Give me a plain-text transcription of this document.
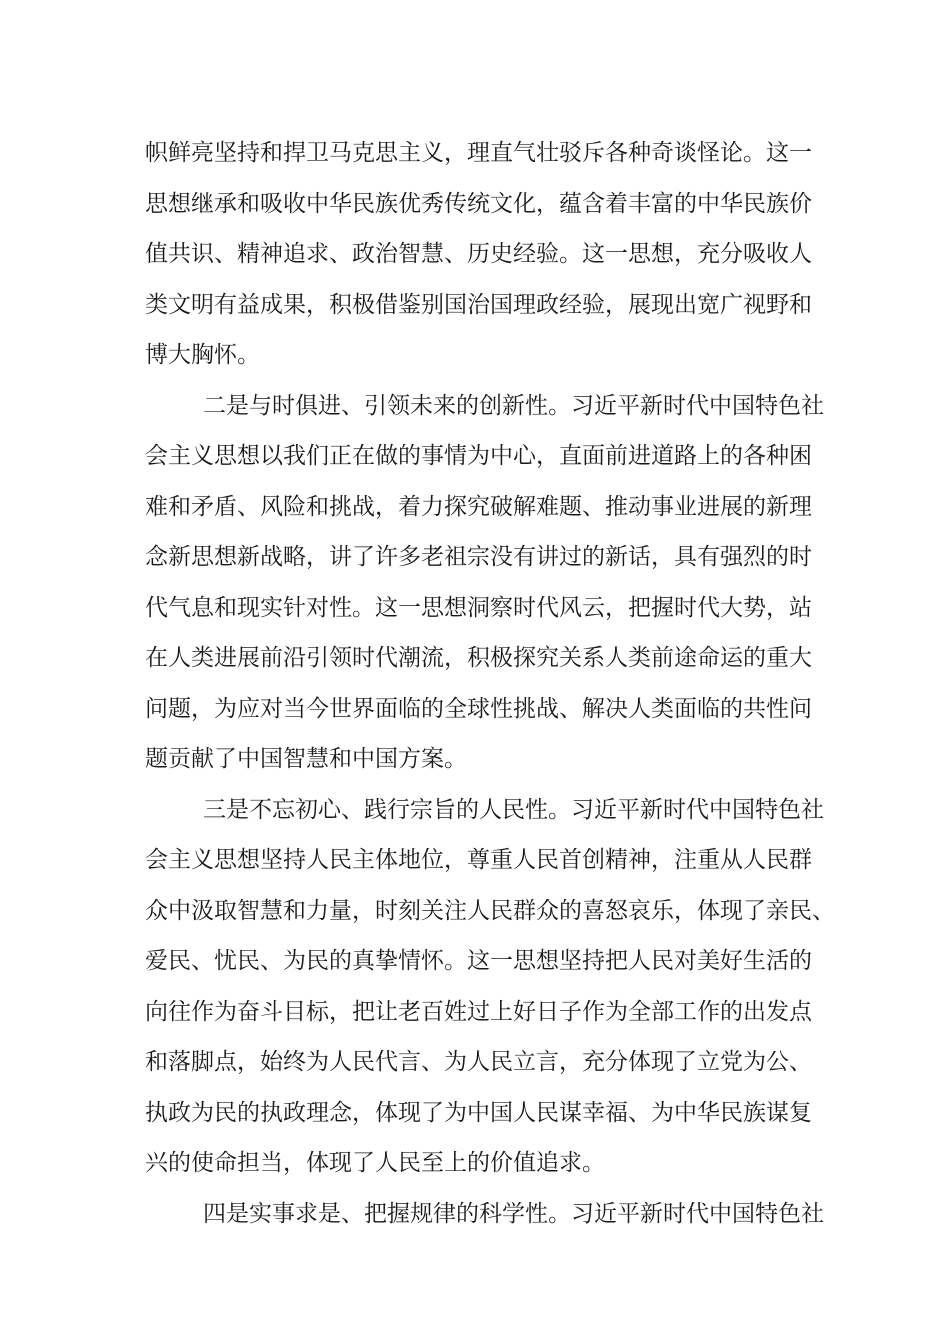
帜鲜亮坚持和捍卫马克思主义，理直气壮驳斥各种奇谈怪论。这一
思想继承和吸收中华民族优秀传统文化，蕴含着丰富的中华民族价
值共识、精神追求、政治智慧、历史经验。这一思想，充分吸收人
类文明有益成果，积极借鉴别国治国理政经验，展现出宽广视野和
博大胸怀。
二是与时俱进、引领未来的创新性。习近平新时代中国特色社
会主义思想以我们正在做的事情为中心，直面前进道路上的各种困
难和矛盾、风险和挑战，着力探究破解难题、推动事业进展的新理
念新思想新战略，讲了许多老祖宗没有讲过的新话，具有强烈的时
代气息和现实针对性。这一思想洞察时代风云，把握时代大势，站
在人类进展前沿引领时代潮流，积极探究关系人类前途命运的重大
问题，为应对当今世界面临的全球性挑战、解决人类面临的共性问
题贡献了中国智慧和中国方案。
三是不忘初心、践行宗旨的人民性。习近平新时代中国特色社
会主义思想坚持人民主体地位，尊重人民首创精神，注重从人民群
众中汲取智慧和力量，时刻关注人民群众的喜怒哀乐，体现了亲民、
爱民、忧民、为民的真挚情怀。这一思想坚持把人民对美好生活的
向往作为奋斗目标，把让老百姓过上好日子作为全部工作的出发点
和落脚点，始终为人民代言、为人民立言，充分体现了立党为公、
执政为民的执政理念，体现了为中国人民谋幸福、为中华民族谋复
兴的使命担当，体现了人民至上的价值追求。
四是实事求是、把握规律的科学性。习近平新时代中国特色社
